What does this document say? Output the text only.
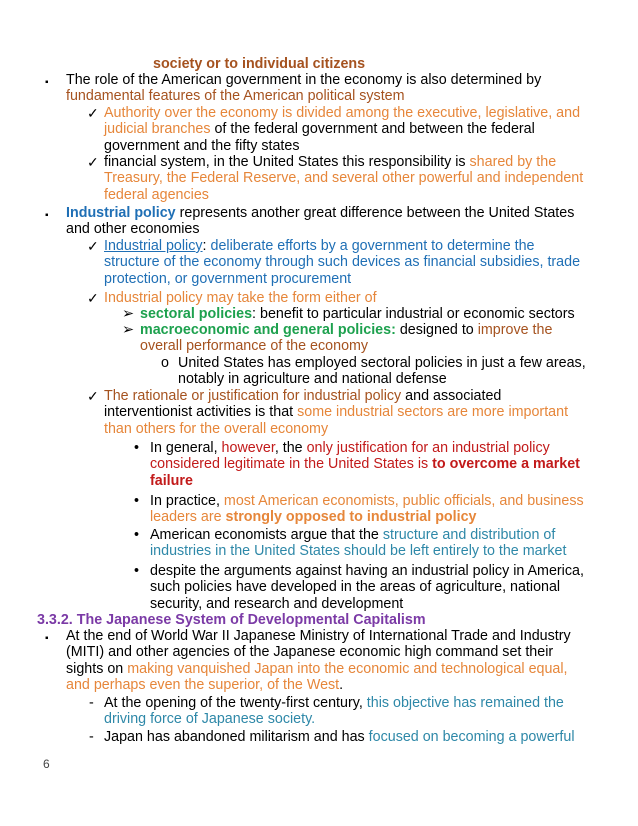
society or to individual citizens
▪ The role of the American government in the economy is also determined by fundamental features of the American political system
✓ Authority over the economy is divided among the executive, legislative, and judicial branches of the federal government and between the federal government and the fifty states
✓ financial system, in the United States this responsibility is shared by the Treasury, the Federal Reserve, and several other powerful and independent federal agencies
▪ Industrial policy represents another great difference between the United States and other economies
✓ Industrial policy: deliberate efforts by a government to determine the structure of the economy through such devices as financial subsidies, trade protection, or government procurement
✓ Industrial policy may take the form either of
➢ sectoral policies: benefit to particular industrial or economic sectors
➢ macroeconomic and general policies: designed to improve the overall performance of the economy
o United States has employed sectoral policies in just a few areas, notably in agriculture and national defense
✓ The rationale or justification for industrial policy and associated interventionist activities is that some industrial sectors are more important than others for the overall economy
• In general, however, the only justification for an industrial policy considered legitimate in the United States is to overcome a market failure
• In practice, most American economists, public officials, and business leaders are strongly opposed to industrial policy
• American economists argue that the structure and distribution of industries in the United States should be left entirely to the market
• despite the arguments against having an industrial policy in America, such policies have developed in the areas of agriculture, national security, and research and development
3.3.2. The Japanese System of Developmental Capitalism
▪ At the end of World War II Japanese Ministry of International Trade and Industry (MITI) and other agencies of the Japanese economic high command set their sights on making vanquished Japan into the economic and technological equal, and perhaps even the superior, of the West.
- At the opening of the twenty-first century, this objective has remained the driving force of Japanese society.
- Japan has abandoned militarism and has focused on becoming a powerful
6
